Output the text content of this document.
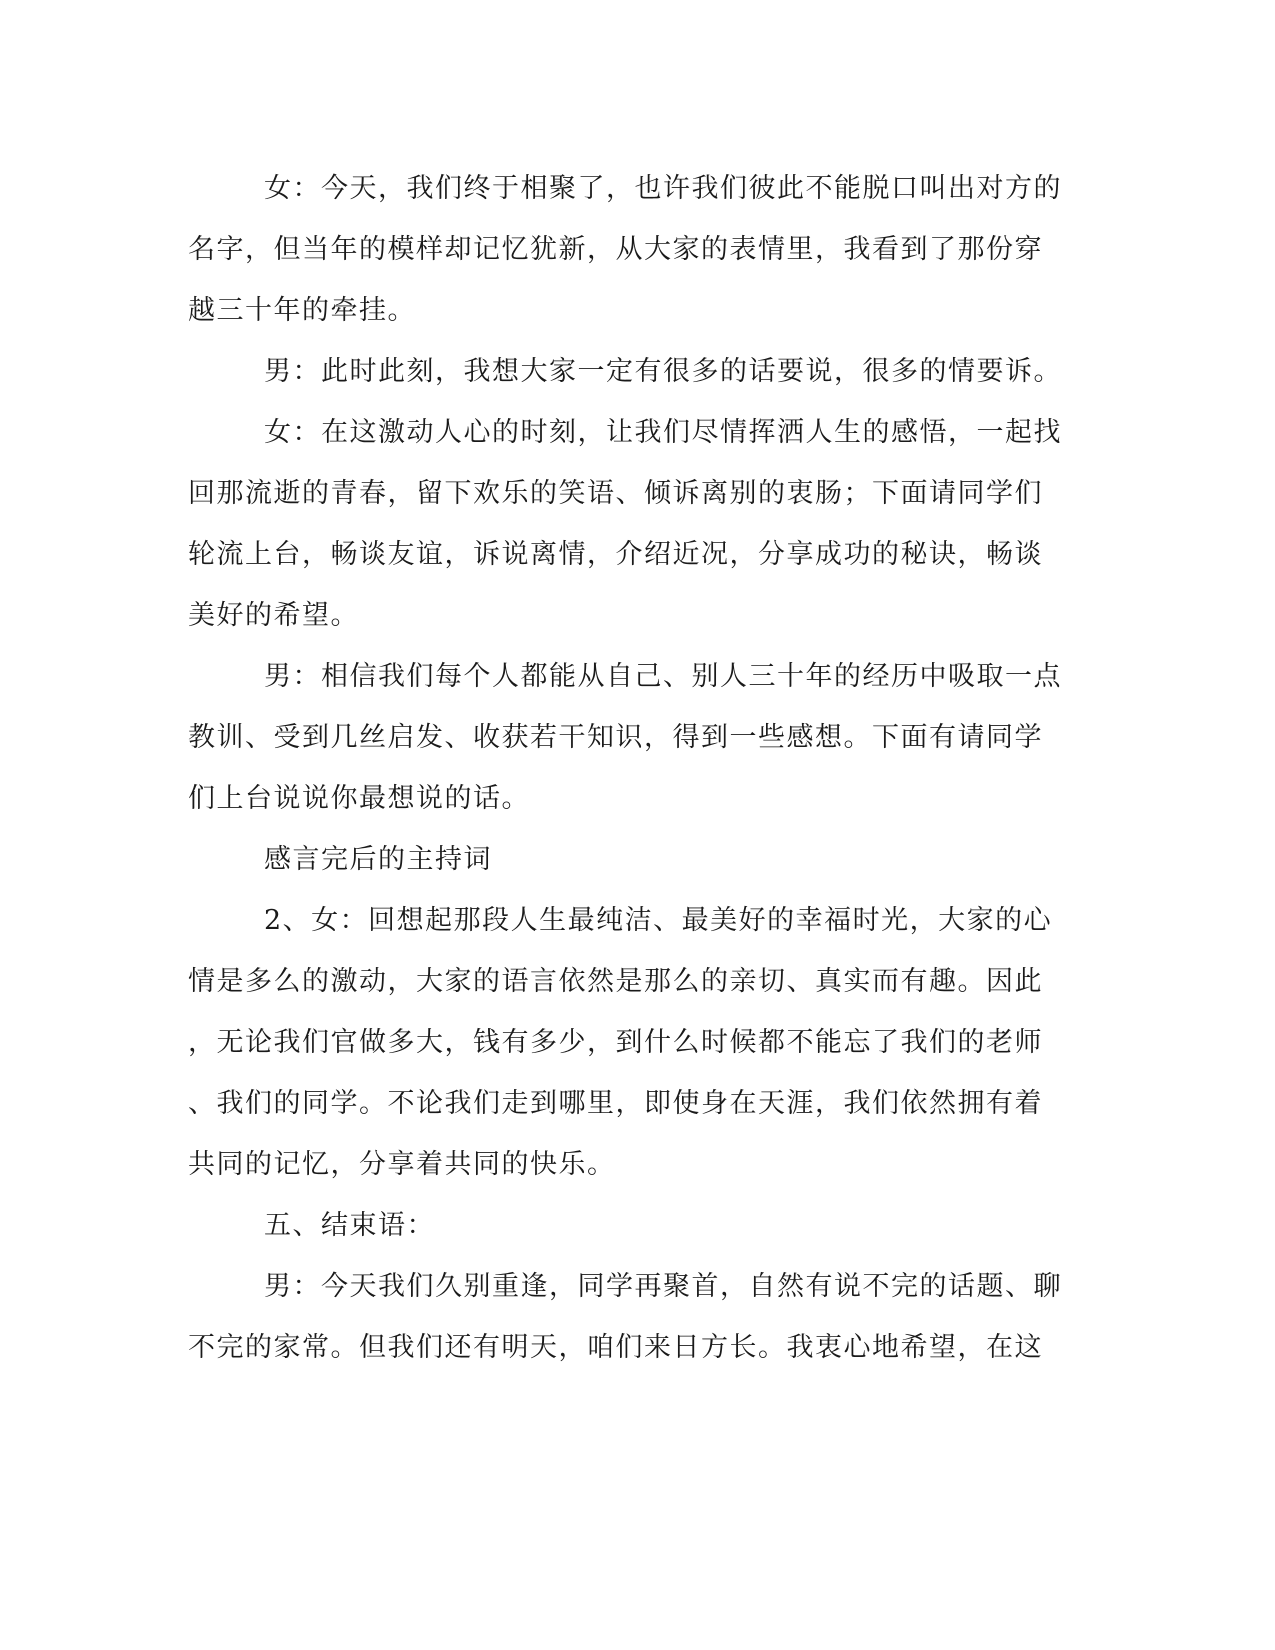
女：今天，我们终于相聚了，也许我们彼此不能脱口叫出对方的
名字，但当年的模样却记忆犹新，从大家的表情里，我看到了那份穿
越三十年的牵挂。
男：此时此刻，我想大家一定有很多的话要说，很多的情要诉。
女：在这激动人心的时刻，让我们尽情挥洒人生的感悟，一起找
回那流逝的青春，留下欢乐的笑语、倾诉离别的衷肠；下面请同学们
轮流上台，畅谈友谊，诉说离情，介绍近况，分享成功的秘诀，畅谈
美好的希望。
男：相信我们每个人都能从自己、别人三十年的经历中吸取一点
教训、受到几丝启发、收获若干知识，得到一些感想。下面有请同学
们上台说说你最想说的话。
感言完后的主持词
2、女：回想起那段人生最纯洁、最美好的幸福时光，大家的心
情是多么的激动，大家的语言依然是那么的亲切、真实而有趣。因此
，无论我们官做多大，钱有多少，到什么时候都不能忘了我们的老师
、我们的同学。不论我们走到哪里，即使身在天涯，我们依然拥有着
共同的记忆，分享着共同的快乐。
五、结束语：
男：今天我们久别重逢，同学再聚首，自然有说不完的话题、聊
不完的家常。但我们还有明天，咱们来日方长。我衷心地希望，在这
